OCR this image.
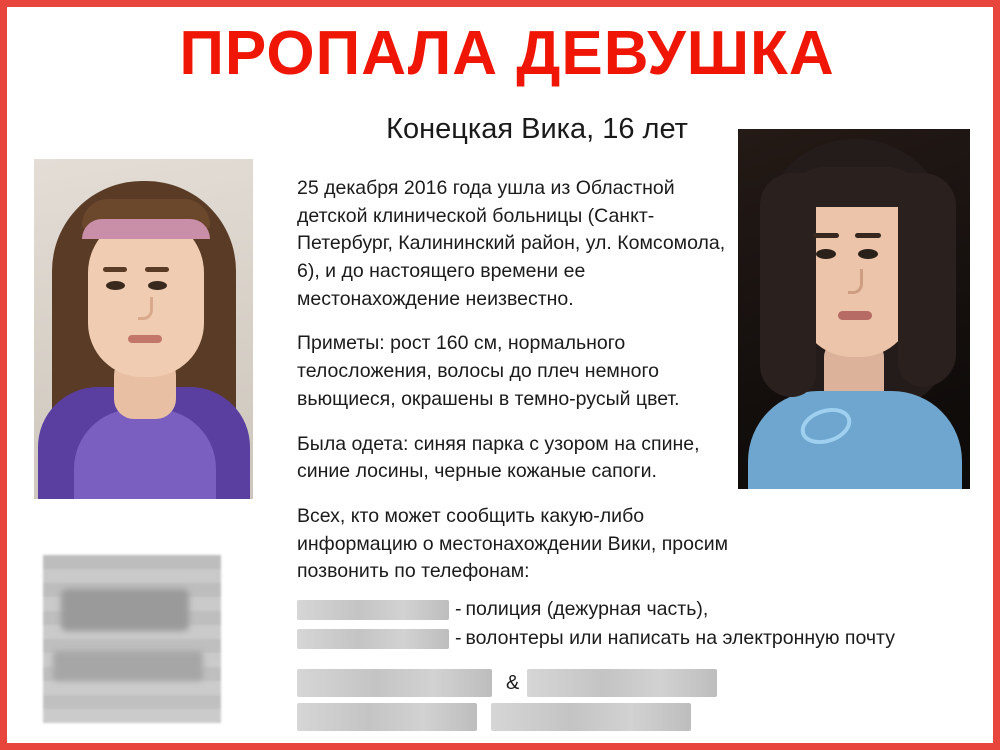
ПРОПАЛА ДЕВУШКА
Конецкая Вика, 16 лет

25 декабря 2016 года ушла из Областной детской клинической больницы (Санкт-Петербург, Калининский район, ул. Комсомола, 6), и до настоящего времени ее местонахождение неизвестно.

Приметы: рост 160 см, нормального телосложения, волосы до плеч немного вьющиеся, окрашены в темно-русый цвет.

Была одета: синяя парка с узором на спине, синие лосины, черные кожаные сапоги.

Всех, кто может сообщить какую-либо информацию о местонахождении Вики, просим позвонить по телефонам:

- полиция (дежурная часть),
- волонтеры или написать на электронную почту
&
